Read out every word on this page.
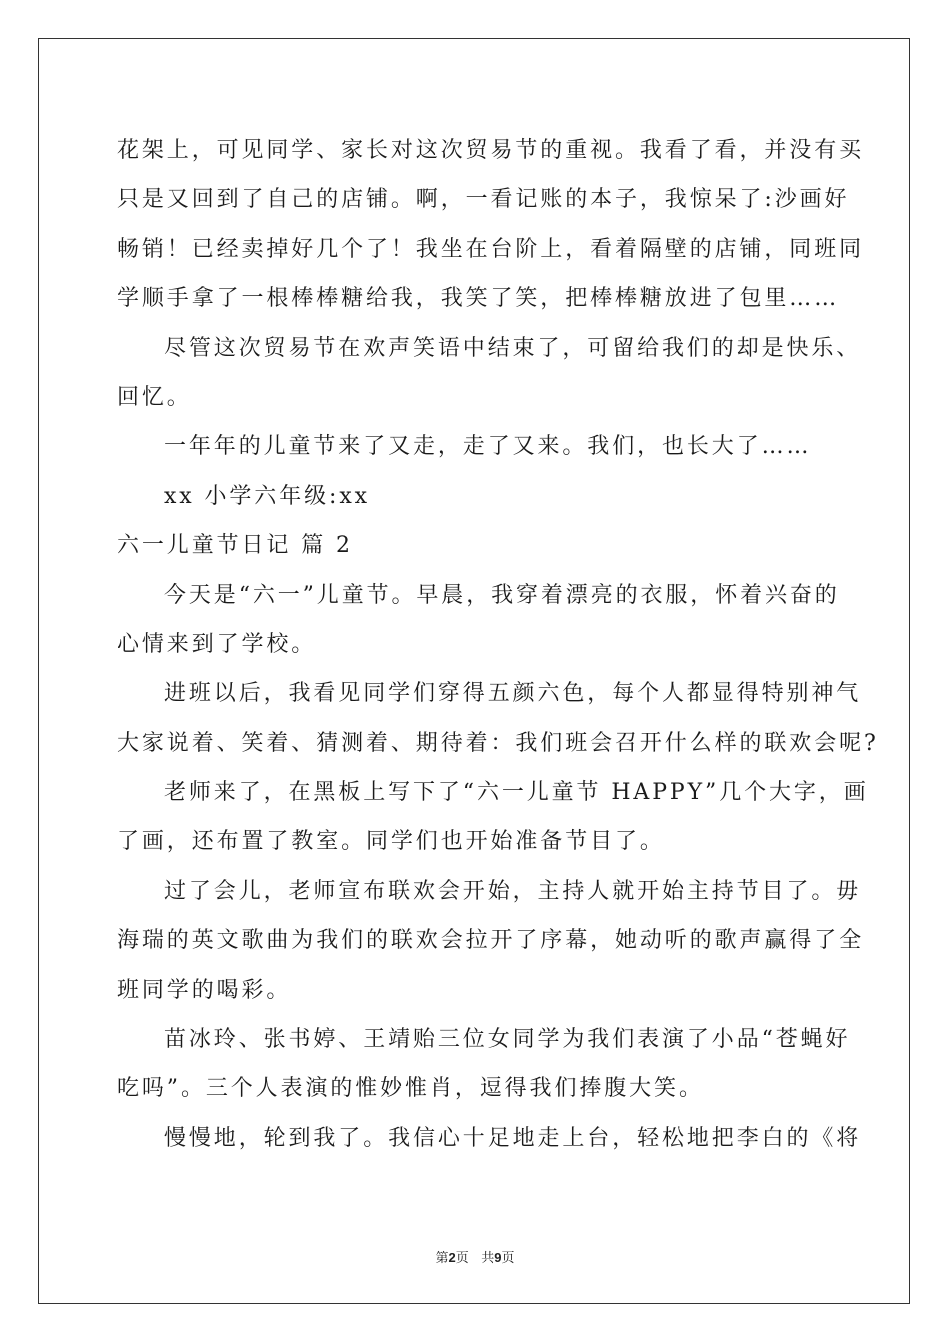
花架上，可见同学、家长对这次贸易节的重视。我看了看，并没有买
只是又回到了自己的店铺。啊，一看记账的本子，我惊呆了:沙画好
畅销！已经卖掉好几个了！我坐在台阶上，看着隔壁的店铺，同班同
学顺手拿了一根棒棒糖给我，我笑了笑，把棒棒糖放进了包里……
尽管这次贸易节在欢声笑语中结束了，可留给我们的却是快乐、
回忆。
一年年的儿童节来了又走，走了又来。我们，也长大了……
xx 小学六年级:xx
六一儿童节日记 篇 2
今天是“六一”儿童节。早晨，我穿着漂亮的衣服，怀着兴奋的
心情来到了学校。
进班以后，我看见同学们穿得五颜六色，每个人都显得特别神气
大家说着、笑着、猜测着、期待着：我们班会召开什么样的联欢会呢?
老师来了，在黑板上写下了“六一儿童节 HAPPY”几个大字，画
了画，还布置了教室。同学们也开始准备节目了。
过了会儿，老师宣布联欢会开始，主持人就开始主持节目了。毋
海瑞的英文歌曲为我们的联欢会拉开了序幕，她动听的歌声赢得了全
班同学的喝彩。
苗冰玲、张书婷、王靖贻三位女同学为我们表演了小品“苍蝇好
吃吗”。三个人表演的惟妙惟肖，逗得我们捧腹大笑。
慢慢地，轮到我了。我信心十足地走上台，轻松地把李白的《将
第2页 共9页
